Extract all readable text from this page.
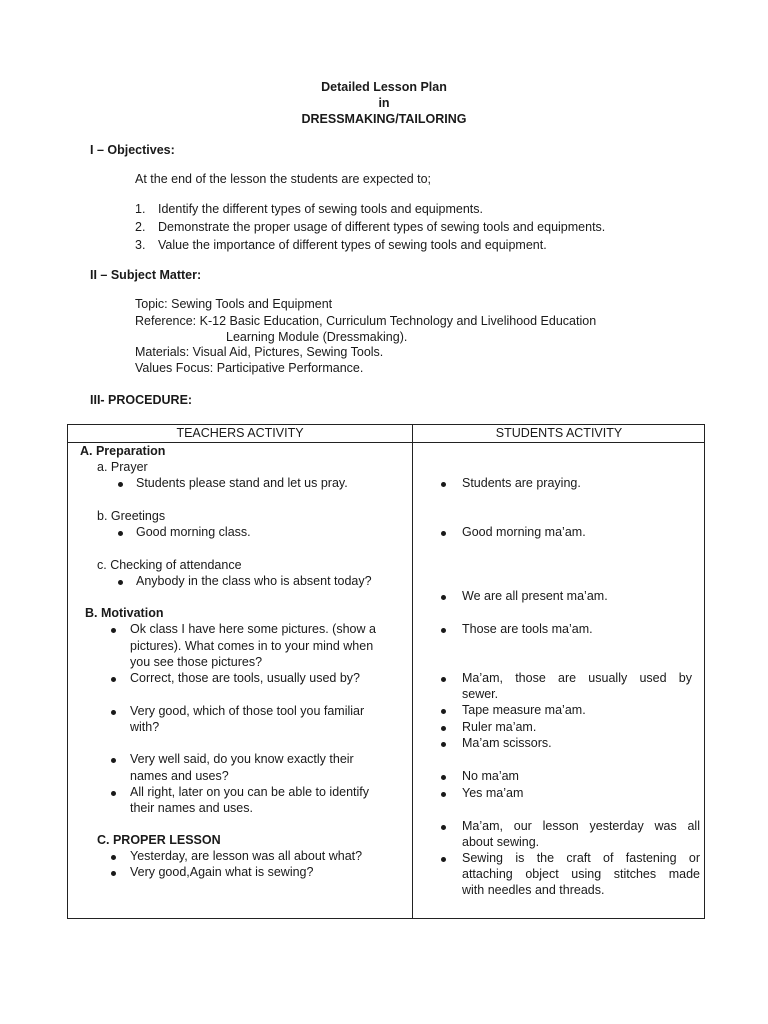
Detailed Lesson Plan
in
DRESSMAKING/TAILORING
I – Objectives:
At the end of the lesson the students are expected to;
1. Identify the different types of sewing tools and equipments.
2. Demonstrate the proper usage of different types of sewing tools and equipments.
3. Value the importance of different types of sewing tools and equipment.
II – Subject Matter:
Topic: Sewing Tools and Equipment
Reference: K-12 Basic Education, Curriculum Technology and Livelihood Education
Learning Module (Dressmaking).
Materials: Visual Aid, Pictures, Sewing Tools.
Values Focus: Participative Performance.
III- PROCEDURE:
TEACHERS ACTIVITY	STUDENTS ACTIVITY
A. Preparation
a. Prayer
Students please stand and let us pray.
b. Greetings
Good morning class.
c. Checking of attendance
Anybody in the class who is absent today?
B. Motivation
Ok class I have here some pictures. (show a
pictures). What comes in to your mind when
you see those pictures?
Correct, those are tools, usually used by?
Very good, which of those tool you familiar
with?
Very well said, do you know exactly their
names and uses?
All right, later on you can be able to identify
their names and uses.
C. PROPER LESSON
Yesterday, are lesson was all about what?
Very good,Again what is sewing?
Students are praying.
Good morning ma’am.
We are all present ma’am.
Those are tools ma’am.
Ma’am, those are usually used by
sewer.
Tape measure ma’am.
Ruler ma’am.
Ma’am scissors.
No ma’am
Yes ma’am
Ma’am, our lesson yesterday was all
about sewing.
Sewing is the craft of fastening or
attaching object using stitches made
with needles and threads.
